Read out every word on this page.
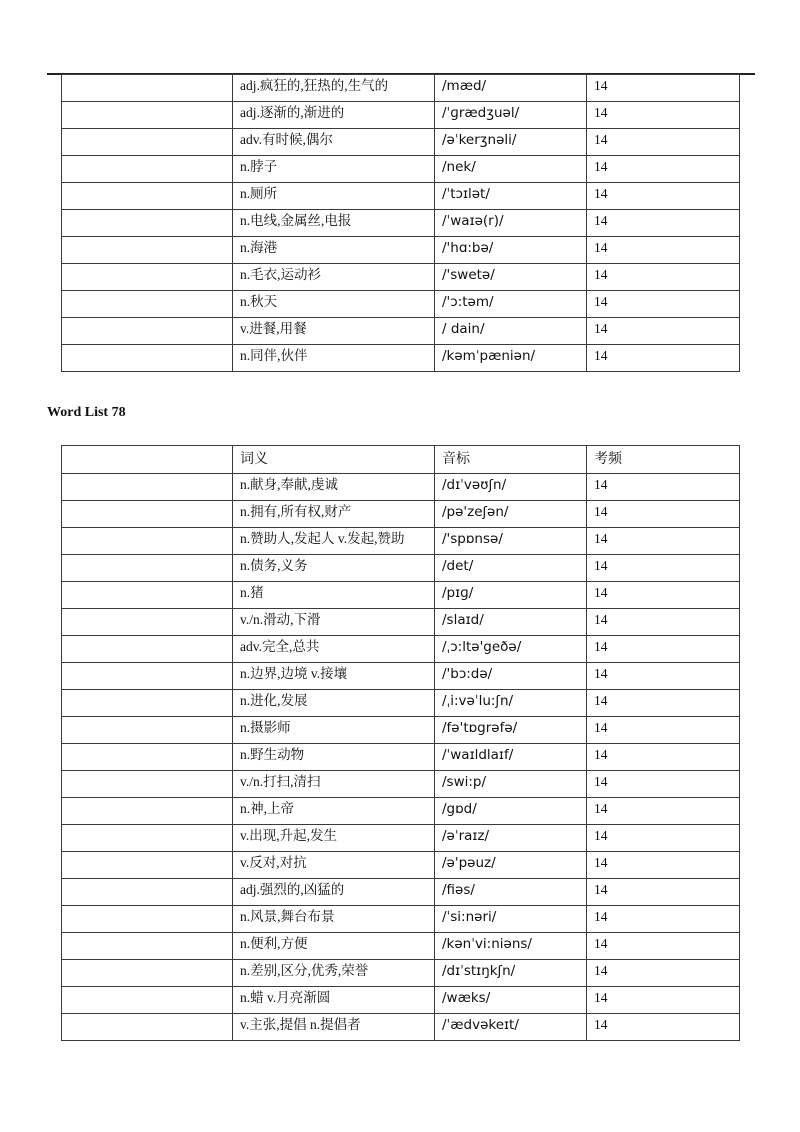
	adj.疯狂的,狂热的,生气的	/mæd/	14
	adj.逐渐的,渐进的	/ˈɡrædʒuəl/	14
	adv.有时候,偶尔	/əˈkerʒnəli/	14
	n.脖子	/nek/	14
	n.厕所	/ˈtɔɪlət/	14
	n.电线,金属丝,电报	/ˈwaɪə(r)/	14
	n.海港	/'hɑ:bə/	14
	n.毛衣,运动衫	/'swetə/	14
	n.秋天	/'ɔ:təm/	14
	v.进餐,用餐	/ dain/	14
	n.同伴,伙伴	/kəmˈpæniən/	14
Word List 78
	词义	音标	考频
	n.献身,奉献,虔诚	/dɪˈvəʊʃn/	14
	n.拥有,所有权,财产	/pə'zeʃən/	14
	n.赞助人,发起人 v.发起,赞助	/'spɒnsə/	14
	n.债务,义务	/det/	14
	n.猪	/pɪɡ/	14
	v./n.滑动,下滑	/slaɪd/	14
	adv.完全,总共	/ˌɔ:ltə'geðə/	14
	n.边界,边境 v.接壤	/'bɔ:də/	14
	n.进化,发展	/ˌi:vəˈlu:ʃn/	14
	n.摄影师	/fə'tɒgrəfə/	14
	n.野生动物	/ˈwaɪldlaɪf/	14
	v./n.打扫,清扫	/swi:p/	14
	n.神,上帝	/gɒd/	14
	v.出现,升起,发生	/əˈraɪz/	14
	v.反对,对抗	/ə'pəuz/	14
	adj.强烈的,凶猛的	/fiəs/	14
	n.风景,舞台布景	/ˈsi:nəri/	14
	n.便利,方便	/kənˈvi:niəns/	14
	n.差别,区分,优秀,荣誉	/dɪˈstɪŋkʃn/	14
	n.蜡 v.月亮渐圆	/wæks/	14
	v.主张,提倡 n.提倡者	/ˈædvəkeɪt/	14
